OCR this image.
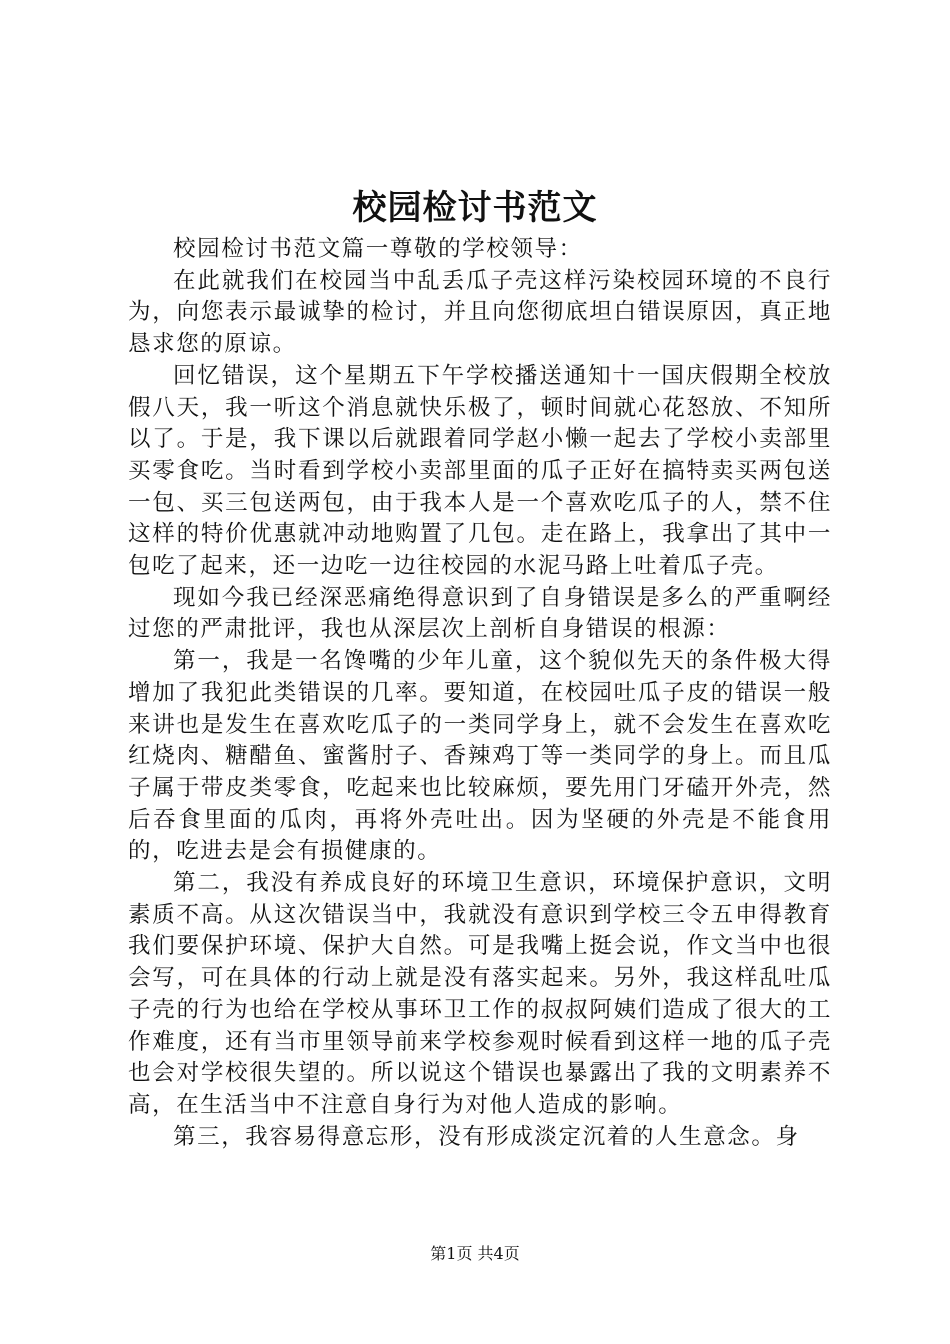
校园检讨书范文

校园检讨书范文篇一尊敬的学校领导：

在此就我们在校园当中乱丢瓜子壳这样污染校园环境的不良行为，向您表示最诚挚的检讨，并且向您彻底坦白错误原因，真正地恳求您的原谅。

回忆错误，这个星期五下午学校播送通知十一国庆假期全校放假八天，我一听这个消息就快乐极了，顿时间就心花怒放、不知所以了。于是，我下课以后就跟着同学赵小懒一起去了学校小卖部里买零食吃。当时看到学校小卖部里面的瓜子正好在搞特卖买两包送一包、买三包送两包，由于我本人是一个喜欢吃瓜子的人，禁不住这样的特价优惠就冲动地购置了几包。走在路上，我拿出了其中一包吃了起来，还一边吃一边往校园的水泥马路上吐着瓜子壳。

现如今我已经深恶痛绝得意识到了自身错误是多么的严重啊经过您的严肃批评，我也从深层次上剖析自身错误的根源：

第一，我是一名馋嘴的少年儿童，这个貌似先天的条件极大得增加了我犯此类错误的几率。要知道，在校园吐瓜子皮的错误一般来讲也是发生在喜欢吃瓜子的一类同学身上，就不会发生在喜欢吃红烧肉、糖醋鱼、蜜酱肘子、香辣鸡丁等一类同学的身上。而且瓜子属于带皮类零食，吃起来也比较麻烦，要先用门牙磕开外壳，然后吞食里面的瓜肉，再将外壳吐出。因为坚硬的外壳是不能食用的，吃进去是会有损健康的。

第二，我没有养成良好的环境卫生意识，环境保护意识，文明素质不高。从这次错误当中，我就没有意识到学校三令五申得教育我们要保护环境、保护大自然。可是我嘴上挺会说，作文当中也很会写，可在具体的行动上就是没有落实起来。另外，我这样乱吐瓜子壳的行为也给在学校从事环卫工作的叔叔阿姨们造成了很大的工作难度，还有当市里领导前来学校参观时候看到这样一地的瓜子壳也会对学校很失望的。所以说这个错误也暴露出了我的文明素养不高，在生活当中不注意自身行为对他人造成的影响。

第三，我容易得意忘形，没有形成淡定沉着的人生意念。身

第1页 共4页
